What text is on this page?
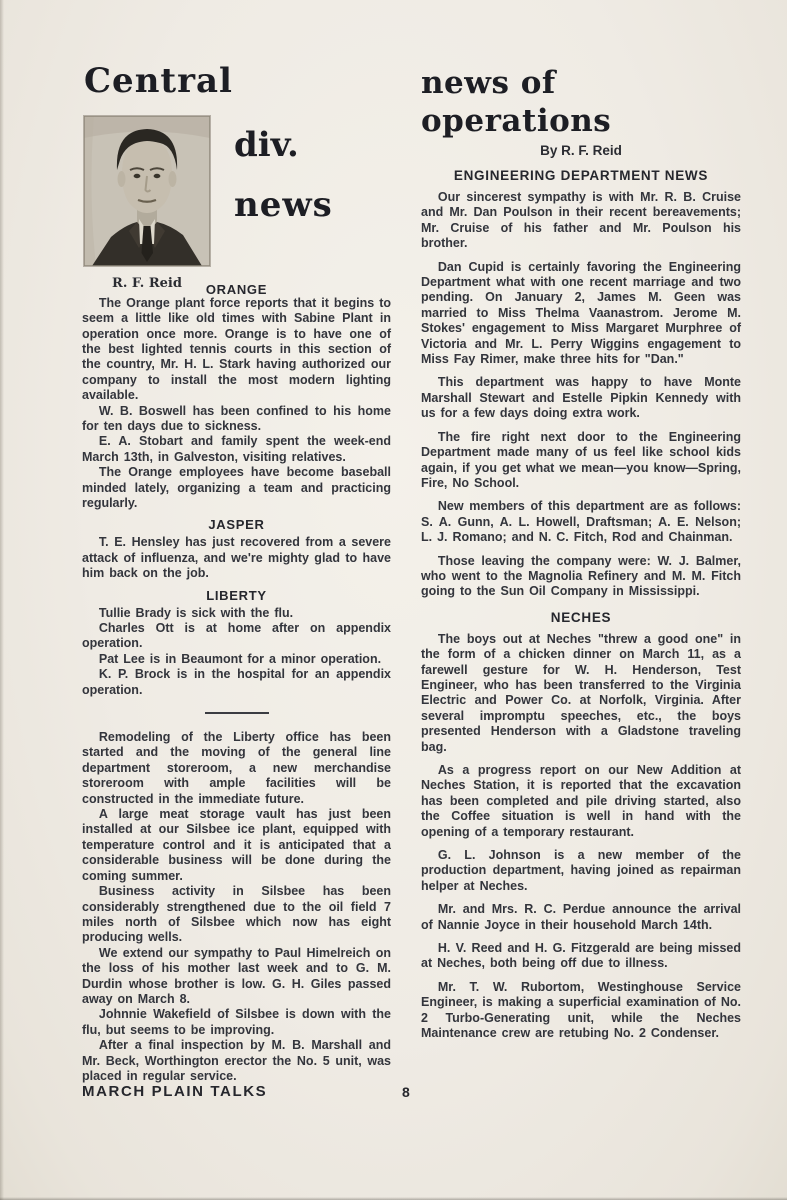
Central
div.
news
R. F. Reid	ORANGE

The Orange plant force reports that it begins to seem a little like old times with Sabine Plant in operation once more. Orange is to have one of the best lighted tennis courts in this section of the country, Mr. H. L. Stark having authorized our company to install the most modern lighting available.

W. B. Boswell has been confined to his home for ten days due to sickness.

E. A. Stobart and family spent the week-end March 13th, in Galveston, visiting relatives.

The Orange employees have become baseball minded lately, organizing a team and practicing regularly.

JASPER

T. E. Hensley has just recovered from a severe attack of influenza, and we're mighty glad to have him back on the job.

LIBERTY

Tullie Brady is sick with the flu.

Charles Ott is at home after on appendix operation.

Pat Lee is in Beaumont for a minor operation.

K. P. Brock is in the hospital for an appendix operation.

Remodeling of the Liberty office has been started and the moving of the general line department storeroom, a new merchandise storeroom with ample facilities will be constructed in the immediate future.

A large meat storage vault has just been installed at our Silsbee ice plant, equipped with temperature control and it is anticipated that a considerable business will be done during the coming summer.

Business activity in Silsbee has been considerably strengthened due to the oil field 7 miles north of Silsbee which now has eight producing wells.

We extend our sympathy to Paul Himelreich on the loss of his mother last week and to G. M. Durdin whose brother is low. G. H. Giles passed away on March 8.

Johnnie Wakefield of Silsbee is down with the flu, but seems to be improving.

After a final inspection by M. B. Marshall and Mr. Beck, Worthington erector the No. 5 unit, was placed in regular service.

news of
operations
By R. F. Reid
ENGINEERING DEPARTMENT NEWS

Our sincerest sympathy is with Mr. R. B. Cruise and Mr. Dan Poulson in their recent bereavements; Mr. Cruise of his father and Mr. Poulson his brother.

Dan Cupid is certainly favoring the Engineering Department what with one recent marriage and two pending. On January 2, James M. Geen was married to Miss Thelma Vaanastrom. Jerome M. Stokes' engagement to Miss Margaret Murphree of Victoria and Mr. L. Perry Wiggins engagement to Miss Fay Rimer, make three hits for "Dan."

This department was happy to have Monte Marshall Stewart and Estelle Pipkin Kennedy with us for a few days doing extra work.

The fire right next door to the Engineering Department made many of us feel like school kids again, if you get what we mean—you know—Spring, Fire, No School.

New members of this department are as follows: S. A. Gunn, A. L. Howell, Draftsman; A. E. Nelson; L. J. Romano; and N. C. Fitch, Rod and Chainman.

Those leaving the company were: W. J. Balmer, who went to the Magnolia Refinery and M. M. Fitch going to the Sun Oil Company in Mississippi.

NECHES

The boys out at Neches "threw a good one" in the form of a chicken dinner on March 11, as a farewell gesture for W. H. Henderson, Test Engineer, who has been transferred to the Virginia Electric and Power Co. at Norfolk, Virginia. After several impromptu speeches, etc., the boys presented Henderson with a Gladstone traveling bag.

As a progress report on our New Addition at Neches Station, it is reported that the excavation has been completed and pile driving started, also the Coffee situation is well in hand with the opening of a temporary restaurant.

G. L. Johnson is a new member of the production department, having joined as repairman helper at Neches.

Mr. and Mrs. R. C. Perdue announce the arrival of Nannie Joyce in their household March 14th.

H. V. Reed and H. G. Fitzgerald are being missed at Neches, both being off due to illness.

Mr. T. W. Rubortom, Westinghouse Service Engineer, is making a superficial examination of No. 2 Turbo-Generating unit, while the Neches Maintenance crew are retubing No. 2 Condenser.

MARCH PLAIN TALKS	8
